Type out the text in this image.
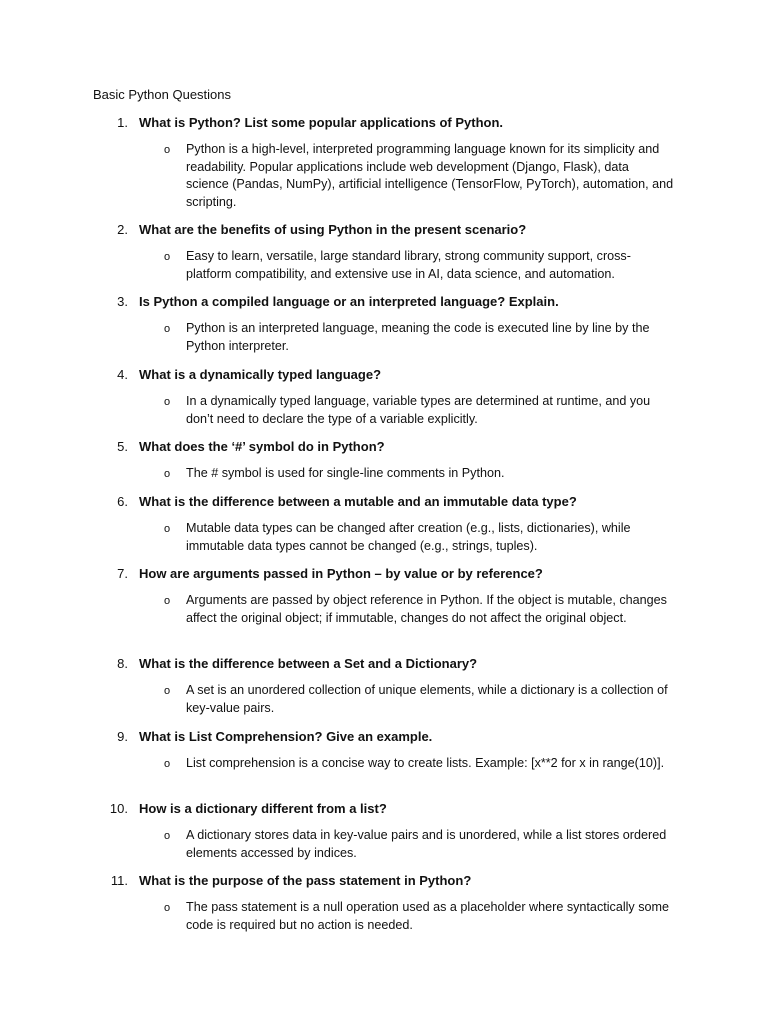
Basic Python Questions
1. What is Python? List some popular applications of Python.
o Python is a high-level, interpreted programming language known for its simplicity and readability. Popular applications include web development (Django, Flask), data science (Pandas, NumPy), artificial intelligence (TensorFlow, PyTorch), automation, and scripting.
2. What are the benefits of using Python in the present scenario?
o Easy to learn, versatile, large standard library, strong community support, cross-platform compatibility, and extensive use in AI, data science, and automation.
3. Is Python a compiled language or an interpreted language? Explain.
o Python is an interpreted language, meaning the code is executed line by line by the Python interpreter.
4. What is a dynamically typed language?
o In a dynamically typed language, variable types are determined at runtime, and you don’t need to declare the type of a variable explicitly.
5. What does the ‘#’ symbol do in Python?
o The # symbol is used for single-line comments in Python.
6. What is the difference between a mutable and an immutable data type?
o Mutable data types can be changed after creation (e.g., lists, dictionaries), while immutable data types cannot be changed (e.g., strings, tuples).
7. How are arguments passed in Python – by value or by reference?
o Arguments are passed by object reference in Python. If the object is mutable, changes affect the original object; if immutable, changes do not affect the original object.
8. What is the difference between a Set and a Dictionary?
o A set is an unordered collection of unique elements, while a dictionary is a collection of key-value pairs.
9. What is List Comprehension? Give an example.
o List comprehension is a concise way to create lists. Example: [x**2 for x in range(10)].
10. How is a dictionary different from a list?
o A dictionary stores data in key-value pairs and is unordered, while a list stores ordered elements accessed by indices.
11. What is the purpose of the pass statement in Python?
o The pass statement is a null operation used as a placeholder where syntactically some code is required but no action is needed.
